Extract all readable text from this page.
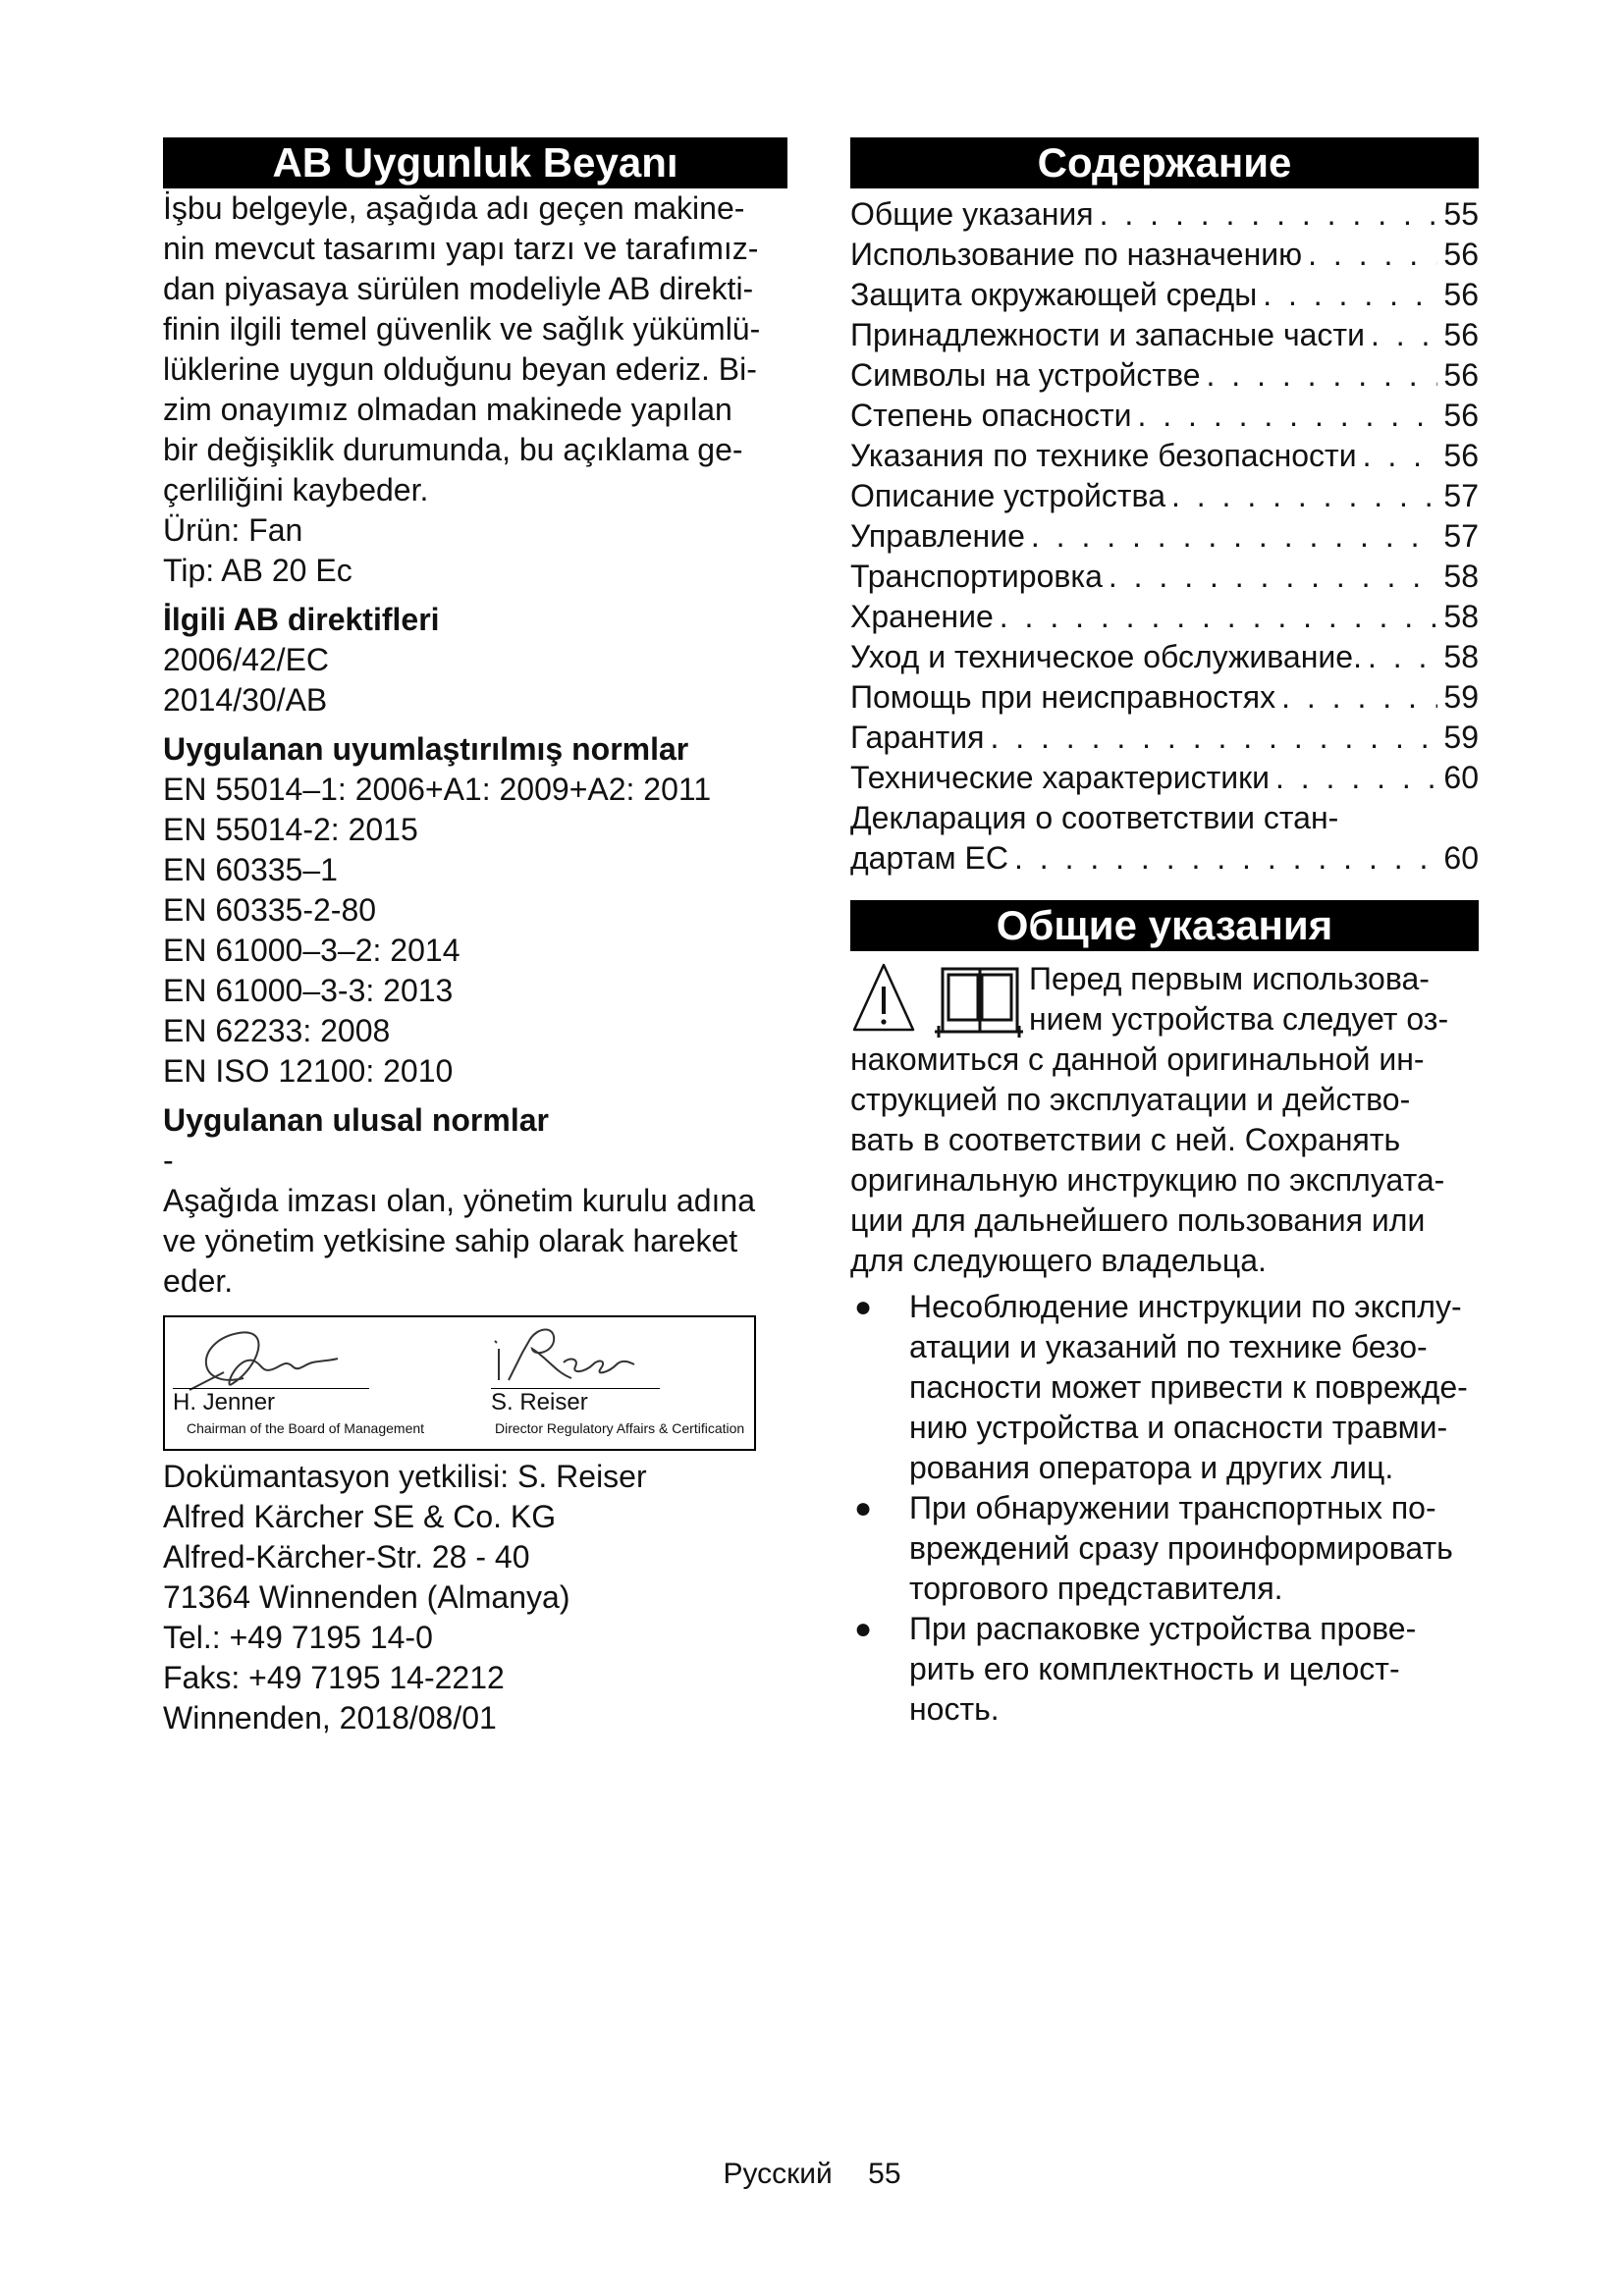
AB Uygunluk Beyanı
İşbu belgeyle, aşağıda adı geçen makine-
nin mevcut tasarımı yapı tarzı ve tarafımız-
dan piyasaya sürülen modeliyle AB direkti-
finin ilgili temel güvenlik ve sağlık yükümlü-
lüklerine uygun olduğunu beyan ederiz. Bi-
zim onayımız olmadan makinede yapılan
bir değişiklik durumunda, bu açıklama ge-
çerliliğini kaybeder.
Ürün: Fan
Tip: AB 20 Ec
İlgili AB direktifleri
2006/42/EC
2014/30/AB
Uygulanan uyumlaştırılmış normlar
EN 55014–1: 2006+A1: 2009+A2: 2011
EN 55014-2: 2015
EN 60335–1
EN 60335-2-80
EN 61000–3–2: 2014
EN 61000–3-3: 2013
EN 62233: 2008
EN ISO 12100: 2010
Uygulanan ulusal normlar
-
Aşağıda imzası olan, yönetim kurulu adına
ve yönetim yetkisine sahip olarak hareket
eder.
H. Jenner
Chairman of the Board of Management
S. Reiser
Director Regulatory Affairs & Certification
Dokümantasyon yetkilisi: S. Reiser
Alfred Kärcher SE & Co. KG
Alfred-Kärcher-Str. 28 - 40
71364 Winnenden (Almanya)
Tel.: +49 7195 14-0
Faks: +49 7195 14-2212
Winnenden, 2018/08/01
Содержание
Общие указания . . .	55
Использование по назначению . . .	56
Защита окружающей среды . . .	56
Принадлежности и запасные части . . .	56
Символы на устройстве . . .	56
Степень опасности . . .	56
Указания по технике безопасности . . .	56
Описание устройства . . .	57
Управление . . .	57
Транспортировка . . .	58
Хранение . . .	58
Уход и техническое обслуживание. . . .	58
Помощь при неисправностях . . .	59
Гарантия . . .	59
Технические характеристики . . .	60
Декларация о соответствии стан-
дартам ЕС . . .	60
Общие указания
Перед первым использова-
нием устройства следует оз-
накомиться с данной оригинальной ин-
струкцией по эксплуатации и действо-
вать в соответствии с ней. Сохранять
оригинальную инструкцию по эксплуата-
ции для дальнейшего пользования или
для следующего владельца.
●	Несоблюдение инструкции по эксплу-
атации и указаний по технике безо-
пасности может привести к поврежде-
нию устройства и опасности травми-
рования оператора и других лиц.
●	При обнаружении транспортных по-
вреждений сразу проинформировать
торгового представителя.
●	При распаковке устройства прове-
рить его комплектность и целост-
ность.
Русский 55
